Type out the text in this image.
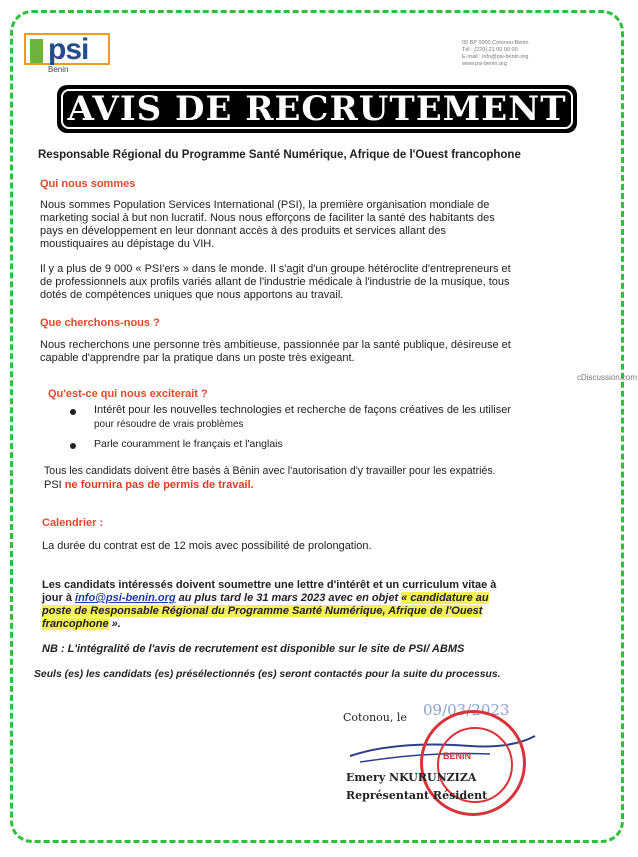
psi
Benin
09 BP 0000 Cotonou Bénin
Tél : (229) 21 00 00 00
E-mail : info@psi-benin.org
www.psi-benin.org
AVIS DE RECRUTEMENT
Responsable Régional du Programme Santé Numérique, Afrique de l'Ouest francophone
Qui nous sommes
Nous sommes Population Services International (PSI), la première organisation mondiale de
marketing social à but non lucratif. Nous nous efforçons de faciliter la santé des habitants des
pays en développement en leur donnant accès à des produits et services allant des
moustiquaires au dépistage du VIH.
Il y a plus de 9 000 « PSI'ers » dans le monde. Il s'agit d'un groupe hétéroclite d'entrepreneurs et
de professionnels aux profils variés allant de l'industrie médicale à l'industrie de la musique, tous
dotés de compétences uniques que nous apportons au travail.
Que cherchons-nous ?
Nous recherchons une personne très ambitieuse, passionnée par la santé publique, désireuse et
capable d'apprendre par la pratique dans un poste très exigeant.
cDiscussion.com
Qu'est-ce qui nous exciterait ?
Intérêt pour les nouvelles technologies et recherche de façons créatives de les utiliser
pour résoudre de vrais problèmes
Parle couramment le français et l'anglais
Tous les candidats doivent être basés à Bénin avec l'autorisation d'y travailler pour les expatriés.
PSI ne fournira pas de permis de travail.
Calendrier :
La durée du contrat est de 12 mois avec possibilité de prolongation.
Les candidats intéressés doivent soumettre une lettre d'intérêt et un curriculum vitae à
jour à info@psi-benin.org au plus tard le 31 mars 2023 avec en objet « candidature au
poste de Responsable Régional du Programme Santé Numérique, Afrique de l'Ouest
francophone ».
NB : L'intégralité de l'avis de recrutement est disponible sur le site de PSI/ ABMS
Seuls (es) les candidats (es) présélectionnés (es) seront contactés pour la suite du processus.
Cotonou, le 09/03/2023
BENIN
Emery NKURUNZIZA
Représentant Résident
